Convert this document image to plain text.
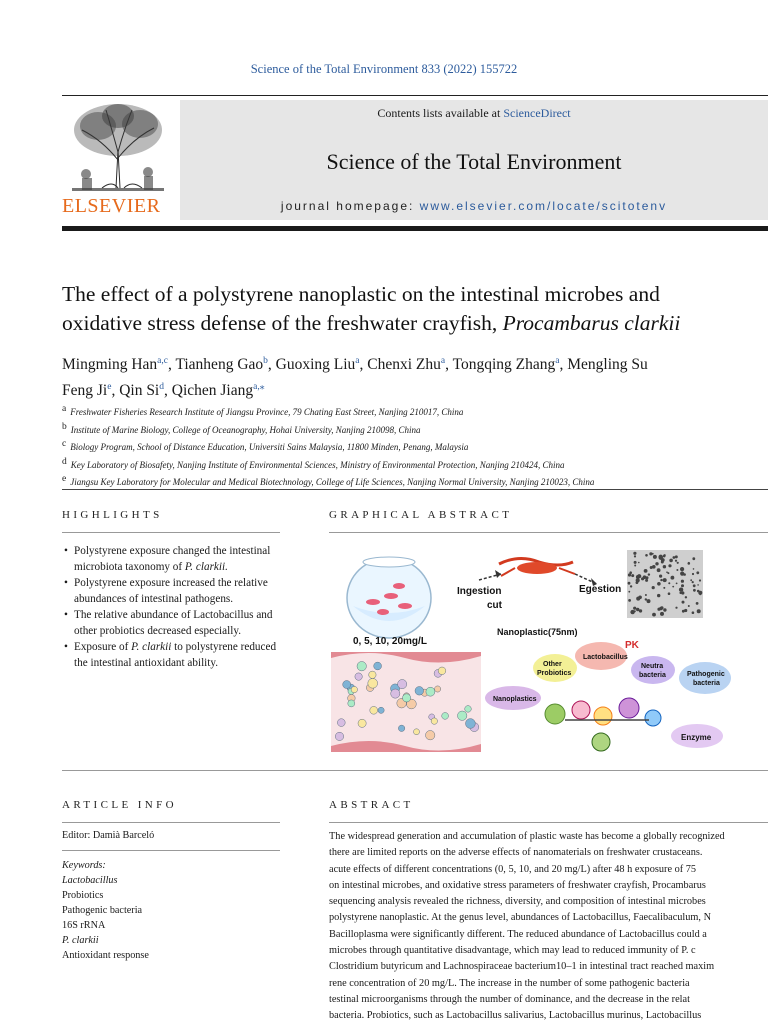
Science of the Total Environment 833 (2022) 155722
ELSEVIER
Contents lists available at ScienceDirect
Science of the Total Environment
journal homepage: www.elsevier.com/locate/scitotenv
The effect of a polystyrene nanoplastic on the intestinal microbes and
oxidative stress defense of the freshwater crayfish, Procambarus clarkii
Mingming Han$^{a,c}$, Tianheng Gao$^b$, Guoxing Liu$^a$, Chenxi Zhu$^a$, Tongqing Zhang$^a$, Mengling Su
Feng Ji$^e$, Qin Si$^d$, Qichen Jiang$^{a,⁎}$
$^a$ Freshwater Fisheries Research Institute of Jiangsu Province, 79 Chating East Street, Nanjing 210017, China
$^b$ Institute of Marine Biology, College of Oceanography, Hohai University, Nanjing 210098, China
$^c$ Biology Program, School of Distance Education, Universiti Sains Malaysia, 11800 Minden, Penang, Malaysia
$^d$ Key Laboratory of Biosafety, Nanjing Institute of Environmental Sciences, Ministry of Environmental Protection, Nanjing 210424, China
$^e$ Jiangsu Key Laboratory for Molecular and Medical Biotechnology, College of Life Sciences, Nanjing Normal University, Nanjing 210023, China
HIGHLIGHTS	GRAPHICAL ABSTRACT
• Polystyrene exposure changed the intestinal microbiota taxonomy of P. clarkii.
• Polystyrene exposure increased the relative abundances of intestinal pathogens.
• The relative abundance of Lactobacillus and other probiotics decreased especially.
• Exposure of P. clarkii to polystyrene reduced the intestinal antioxidant ability.
0, 5, 10, 20mg/L
Ingestion
cut
Egestion
Nanoplastic(75nm)
Lactobacillus
Other
Probiotics
PK
Neutra
bacteria	Pathogenic
bacteria
Nanoplastics
Enzyme
ARTICLE INFO	ABSTRACT
Editor: Damià Barceló
Keywords:
Lactobacillus
Probiotics
Pathogenic bacteria
16S rRNA
P. clarkii
Antioxidant response
The widespread generation and accumulation of plastic waste has become a globally recognized
there are limited reports on the adverse effects of nanomaterials on freshwater crustaceans.
acute effects of different concentrations (0, 5, 10, and 20 mg/L) after 48 h exposure of 75
on intestinal microbes, and oxidative stress parameters of freshwater crayfish, Procambarus
sequencing analysis revealed the richness, diversity, and composition of intestinal microbes
polystyrene nanoplastic. At the genus level, abundances of Lactobacillus, Faecalibaculum, N
Bacilloplasma were significantly different. The reduced abundance of Lactobacillus could a
microbes through quantitative disadvantage, which may lead to reduced immunity of P. c
Clostridium butyricum and Lachnospiraceae bacterium10–1 in intestinal tract reached maxim
rene concentration of 20 mg/L. The increase in the number of some pathogenic bacteria
testinal microorganisms through the number of dominance, and the decrease in the relat
bacteria. Probiotics, such as Lactobacillus salivarius, Lactobacillus murinus, Lactobacillus
